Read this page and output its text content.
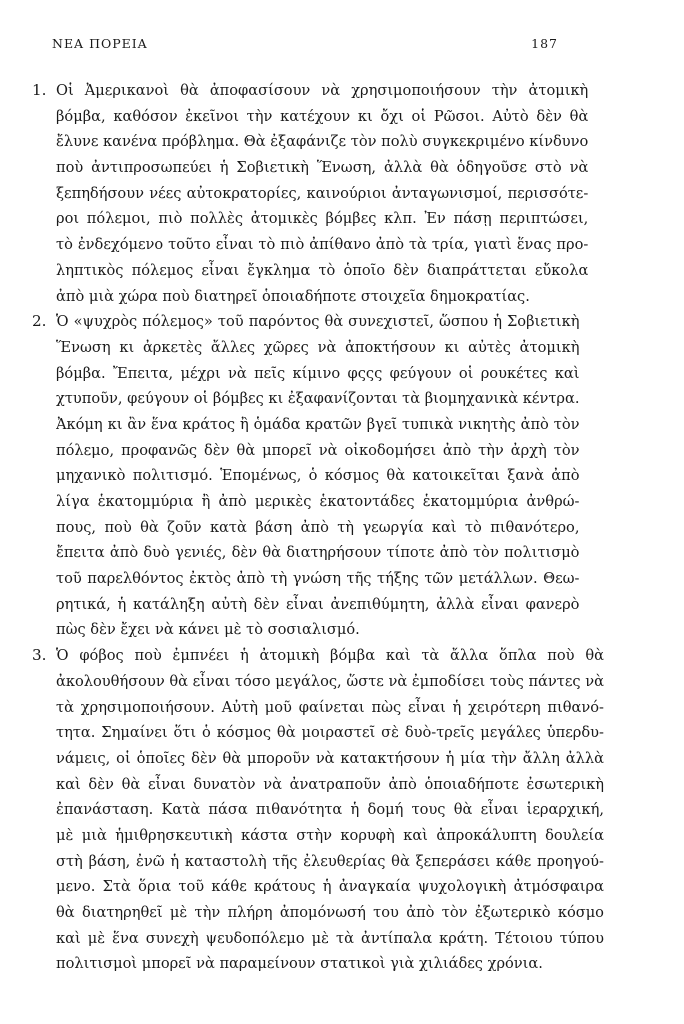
ΝΕΑ ΠΟΡΕΙΑ	187
1. Οἱ Ἀμερικανοὶ θὰ ἀποφασίσουν νὰ χρησιμοποιήσουν τὴν ἀτομικὴ
βόμβα, καθόσον ἐκεῖνοι τὴν κατέχουν κι ὄχι οἱ Ρῶσοι. Αὐτὸ δὲν θὰ
ἔλυνε κανένα πρόβλημα. Θὰ ἐξαφάνιζε τὸν πολὺ συγκεκριμένο κίνδυνο
ποὺ ἀντιπροσωπεύει ἡ Σοβιετικὴ Ἕνωση, ἀλλὰ θὰ ὁδηγοῦσε στὸ νὰ
ξεπηδήσουν νέες αὐτοκρατορίες, καινούριοι ἀνταγωνισμοί, περισσότε-
ροι πόλεμοι, πιὸ πολλὲς ἀτομικὲς βόμβες κλπ. Ἐν πάσῃ περιπτώσει,
τὸ ἐνδεχόμενο τοῦτο εἶναι τὸ πιὸ ἀπίθανο ἀπὸ τὰ τρία, γιατὶ ἕνας προ-
ληπτικὸς πόλεμος εἶναι ἔγκλημα τὸ ὁποῖο δὲν διαπράττεται εὔκολα
ἀπὸ μιὰ χώρα ποὺ διατηρεῖ ὁποιαδήποτε στοιχεῖα δημοκρατίας.
2. Ὁ «ψυχρὸς πόλεμος» τοῦ παρόντος θὰ συνεχιστεῖ, ὥσπου ἡ Σοβιετικὴ
Ἕνωση κι ἀρκετὲς ἄλλες χῶρες νὰ ἀποκτήσουν κι αὐτὲς ἀτομικὴ
βόμβα. Ἔπειτα, μέχρι νὰ πεῖς κίμινο φςςς φεύγουν οἱ ρουκέτες καὶ
χτυποῦν, φεύγουν οἱ βόμβες κι ἐξαφανίζονται τὰ βιομηχανικὰ κέντρα.
Ἀκόμη κι ἂν ἕνα κράτος ἢ ὁμάδα κρατῶν βγεῖ τυπικὰ νικητὴς ἀπὸ τὸν
πόλεμο, προφανῶς δὲν θὰ μπορεῖ νὰ οἰκοδομήσει ἀπὸ τὴν ἀρχὴ τὸν
μηχανικὸ πολιτισμό. Ἑπομένως, ὁ κόσμος θὰ κατοικεῖται ξανὰ ἀπὸ
λίγα ἑκατομμύρια ἢ ἀπὸ μερικὲς ἑκατοντάδες ἑκατομμύρια ἀνθρώ-
πους, ποὺ θὰ ζοῦν κατὰ βάση ἀπὸ τὴ γεωργία καὶ τὸ πιθανότερο,
ἔπειτα ἀπὸ δυὸ γενιές, δὲν θὰ διατηρήσουν τίποτε ἀπὸ τὸν πολιτισμὸ
τοῦ παρελθόντος ἐκτὸς ἀπὸ τὴ γνώση τῆς τήξης τῶν μετάλλων. Θεω-
ρητικά, ἡ κατάληξη αὐτὴ δὲν εἶναι ἀνεπιθύμητη, ἀλλὰ εἶναι φανερὸ
πὼς δὲν ἔχει νὰ κάνει μὲ τὸ σοσιαλισμό.
3. Ὁ φόβος ποὺ ἐμπνέει ἡ ἀτομικὴ βόμβα καὶ τὰ ἄλλα ὅπλα ποὺ θὰ
ἀκολουθήσουν θὰ εἶναι τόσο μεγάλος, ὥστε νὰ ἐμποδίσει τοὺς πάντες νὰ
τὰ χρησιμοποιήσουν. Αὐτὴ μοῦ φαίνεται πὼς εἶναι ἡ χειρότερη πιθανό-
τητα. Σημαίνει ὅτι ὁ κόσμος θὰ μοιραστεῖ σὲ δυὸ-τρεῖς μεγάλες ὑπερδυ-
νάμεις, οἱ ὁποῖες δὲν θὰ μποροῦν νὰ κατακτήσουν ἡ μία τὴν ἄλλη ἀλλὰ
καὶ δὲν θὰ εἶναι δυνατὸν νὰ ἀνατραποῦν ἀπὸ ὁποιαδήποτε ἐσωτερικὴ
ἐπανάσταση. Κατὰ πάσα πιθανότητα ἡ δομή τους θὰ εἶναι ἱεραρχική,
μὲ μιὰ ἡμιθρησκευτικὴ κάστα στὴν κορυφὴ καὶ ἀπροκάλυπτη δουλεία
στὴ βάση, ἐνῶ ἡ καταστολὴ τῆς ἐλευθερίας θὰ ξεπεράσει κάθε προηγού-
μενο. Στὰ ὅρια τοῦ κάθε κράτους ἡ ἀναγκαία ψυχολογικὴ ἀτμόσφαιρα
θὰ διατηρηθεῖ μὲ τὴν πλήρη ἀπομόνωσή του ἀπὸ τὸν ἐξωτερικὸ κόσμο
καὶ μὲ ἕνα συνεχὴ ψευδοπόλεμο μὲ τὰ ἀντίπαλα κράτη. Τέτοιου τύπου
πολιτισμοὶ μπορεῖ νὰ παραμείνουν στατικοὶ γιὰ χιλιάδες χρόνια.
